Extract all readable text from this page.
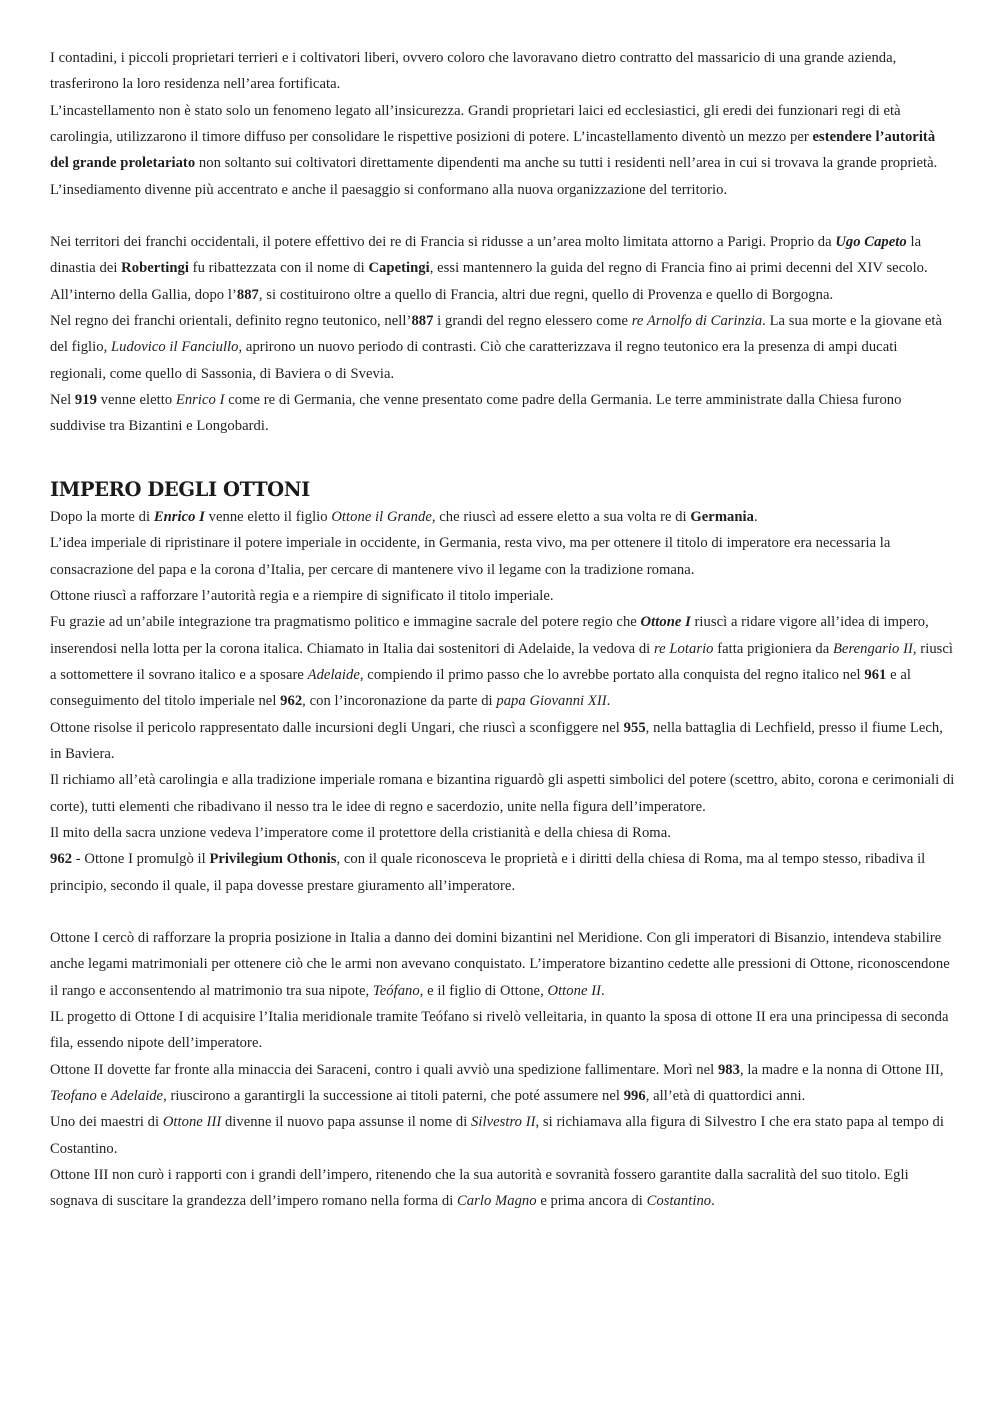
I contadini, i piccoli proprietari terrieri e i coltivatori liberi, ovvero coloro che lavoravano dietro contratto del massaricio di una grande azienda, trasferirono la loro residenza nell’area fortificata.

L’incastellamento non è stato solo un fenomeno legato all’insicurezza. Grandi proprietari laici ed ecclesiastici, gli eredi dei funzionari regi di età carolingia, utilizzarono il timore diffuso per consolidare le rispettive posizioni di potere. L’incastellamento diventò un mezzo per estendere l’autorità del grande proletariato non soltanto sui coltivatori direttamente dipendenti ma anche su tutti i residenti nell’area in cui si trovava la grande proprietà. L’insediamento divenne più accentrato e anche il paesaggio si conformano alla nuova organizzazione del territorio.

Nei territori dei franchi occidentali, il potere effettivo dei re di Francia si ridusse a un’area molto limitata attorno a Parigi. Proprio da Ugo Capeto la dinastia dei Robertingi fu ribattezzata con il nome di Capetingi, essi mantennero la guida del regno di Francia fino ai primi decenni del XIV secolo.

All’interno della Gallia, dopo l’887, si costituirono oltre a quello di Francia, altri due regni, quello di Provenza e quello di Borgogna.

Nel regno dei franchi orientali, definito regno teutonico, nell’887 i grandi del regno elessero come re Arnolfo di Carinzia. La sua morte e la giovane età del figlio, Ludovico il Fanciullo, aprirono un nuovo periodo di contrasti. Ciò che caratterizzava il regno teutonico era la presenza di ampi ducati regionali, come quello di Sassonia, di Baviera o di Svevia.

Nel 919 venne eletto Enrico I come re di Germania, che venne presentato come padre della Germania. Le terre amministrate dalla Chiesa furono suddivise tra Bizantini e Longobardi.

IMPERO DEGLI OTTONI

Dopo la morte di Enrico I venne eletto il figlio Ottone il Grande, che riuscì ad essere eletto a sua volta re di Germania.

L’idea imperiale di ripristinare il potere imperiale in occidente, in Germania, resta vivo, ma per ottenere il titolo di imperatore era necessaria la consacrazione del papa e la corona d’Italia, per cercare di mantenere vivo il legame con la tradizione romana.

Ottone riuscì a rafforzare l’autorità regia e a riempire di significato il titolo imperiale.

Fu grazie ad un’abile integrazione tra pragmatismo politico e immagine sacrale del potere regio che Ottone I riuscì a ridare vigore all’idea di impero, inserendosi nella lotta per la corona italica. Chiamato in Italia dai sostenitori di Adelaide, la vedova di re Lotario fatta prigioniera da Berengario II, riuscì a sottomettere il sovrano italico e a sposare Adelaide, compiendo il primo passo che lo avrebbe portato alla conquista del regno italico nel 961 e al conseguimento del titolo imperiale nel 962, con l’incoronazione da parte di papa Giovanni XII.

Ottone risolse il pericolo rappresentato dalle incursioni degli Ungari, che riuscì a sconfiggere nel 955, nella battaglia di Lechfield, presso il fiume Lech, in Baviera.

Il richiamo all’età carolingia e alla tradizione imperiale romana e bizantina riguardò gli aspetti simbolici del potere (scettro, abito, corona e cerimoniali di corte), tutti elementi che ribadivano il nesso tra le idee di regno e sacerdozio, unite nella figura dell’imperatore.

Il mito della sacra unzione vedeva l’imperatore come il protettore della cristianità e della chiesa di Roma.

962 - Ottone I promulgò il Privilegium Othonis, con il quale riconosceva le proprietà e i diritti della chiesa di Roma, ma al tempo stesso, ribadiva il principio, secondo il quale, il papa dovesse prestare giuramento all’imperatore.

Ottone I cercò di rafforzare la propria posizione in Italia a danno dei domini bizantini nel Meridione. Con gli imperatori di Bisanzio, intendeva stabilire anche legami matrimoniali per ottenere ciò che le armi non avevano conquistato. L’imperatore bizantino cedette alle pressioni di Ottone, riconoscendone il rango e acconsentendo al matrimonio tra sua nipote, Teófano, e il figlio di Ottone, Ottone II.

IL progetto di Ottone I di acquisire l’Italia meridionale tramite Teófano si rivelò velleitaria, in quanto la sposa di ottone II era una principessa di seconda fila, essendo nipote dell’imperatore.

Ottone II dovette far fronte alla minaccia dei Saraceni, contro i quali avviò una spedizione fallimentare. Morì nel 983, la madre e la nonna di Ottone III, Teofano e Adelaide, riuscirono a garantirgli la successione ai titoli paterni, che poté assumere nel 996, all’età di quattordici anni.

Uno dei maestri di Ottone III divenne il nuovo papa assunse il nome di Silvestro II, si richiamava alla figura di Silvestro I che era stato papa al tempo di Costantino.

Ottone III non curò i rapporti con i grandi dell’impero, ritenendo che la sua autorità e sovranità fossero garantite dalla sacralità del suo titolo. Egli sognava di suscitare la grandezza dell’impero romano nella forma di Carlo Magno e prima ancora di Costantino.
